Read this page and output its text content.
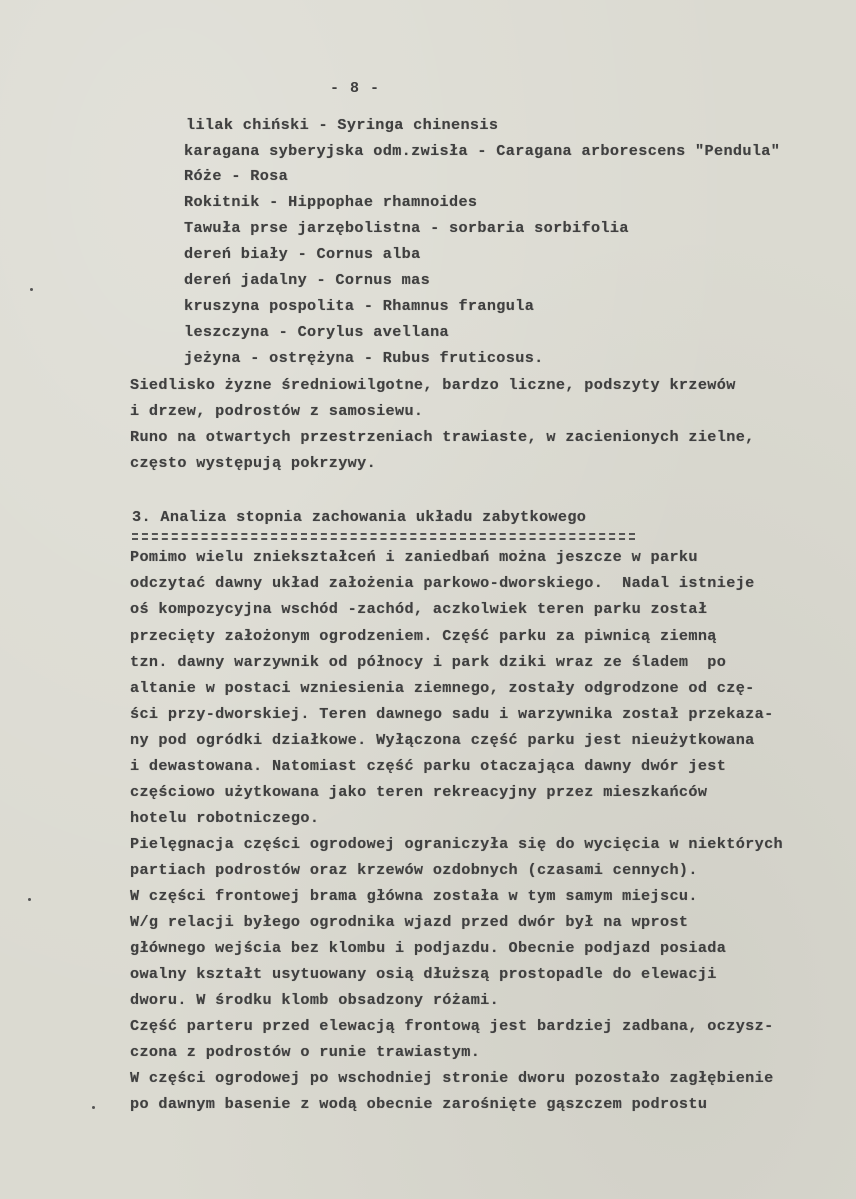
- 8 -
lilak chiński - Syringa chinensis
karagana syberyjska odm.zwisła - Caragana arborescens "Pendula"
Róże - Rosa
Rokitnik - Hippophae rhamnoides
Tawuła prse jarzębolistna - sorbaria sorbifolia
dereń biały - Cornus alba
dereń jadalny - Cornus mas
kruszyna pospolita - Rhamnus frangula
leszczyna - Corylus avellana
jeżyna - ostrężyna - Rubus fruticosus.
Siedlisko żyzne średniowilgotne, bardzo liczne, podszyty krzewów
i drzew, podrostów z samosiewu.
Runo na otwartych przestrzeniach trawiaste, w zacienionych zielne,
często występują pokrzywy.
3. Analiza stopnia zachowania układu zabytkowego
Pomimo wielu zniekształceń i zaniedbań można jeszcze w parku
odczytać dawny układ założenia parkowo-dworskiego.  Nadal istnieje
oś kompozycyjna wschód -zachód, aczkolwiek teren parku został
przecięty założonym ogrodzeniem. Część parku za piwnicą ziemną
tzn. dawny warzywnik od północy i park dziki wraz ze śladem  po
altanie w postaci wzniesienia ziemnego, zostały odgrodzone od czę-
ści przy-dworskiej. Teren dawnego sadu i warzywnika został przekaza-
ny pod ogródki działkowe. Wyłączona część parku jest nieużytkowana
i dewastowana. Natomiast część parku otaczająca dawny dwór jest
częściowo użytkowana jako teren rekreacyjny przez mieszkańców
hotelu robotniczego.
Pielęgnacja części ogrodowej ograniczyła się do wycięcia w niektórych
partiach podrostów oraz krzewów ozdobnych (czasami cennych).
W części frontowej brama główna została w tym samym miejscu.
W/g relacji byłego ogrodnika wjazd przed dwór był na wprost
głównego wejścia bez klombu i podjazdu. Obecnie podjazd posiada
owalny kształt usytuowany osią dłuższą prostopadle do elewacji
dworu. W środku klomb obsadzony różami.
Część parteru przed elewacją frontową jest bardziej zadbana, oczysz-
czona z podrostów o runie trawiastym.
W części ogrodowej po wschodniej stronie dworu pozostało zagłębienie
po dawnym basenie z wodą obecnie zarośnięte gąszczem podrostu
